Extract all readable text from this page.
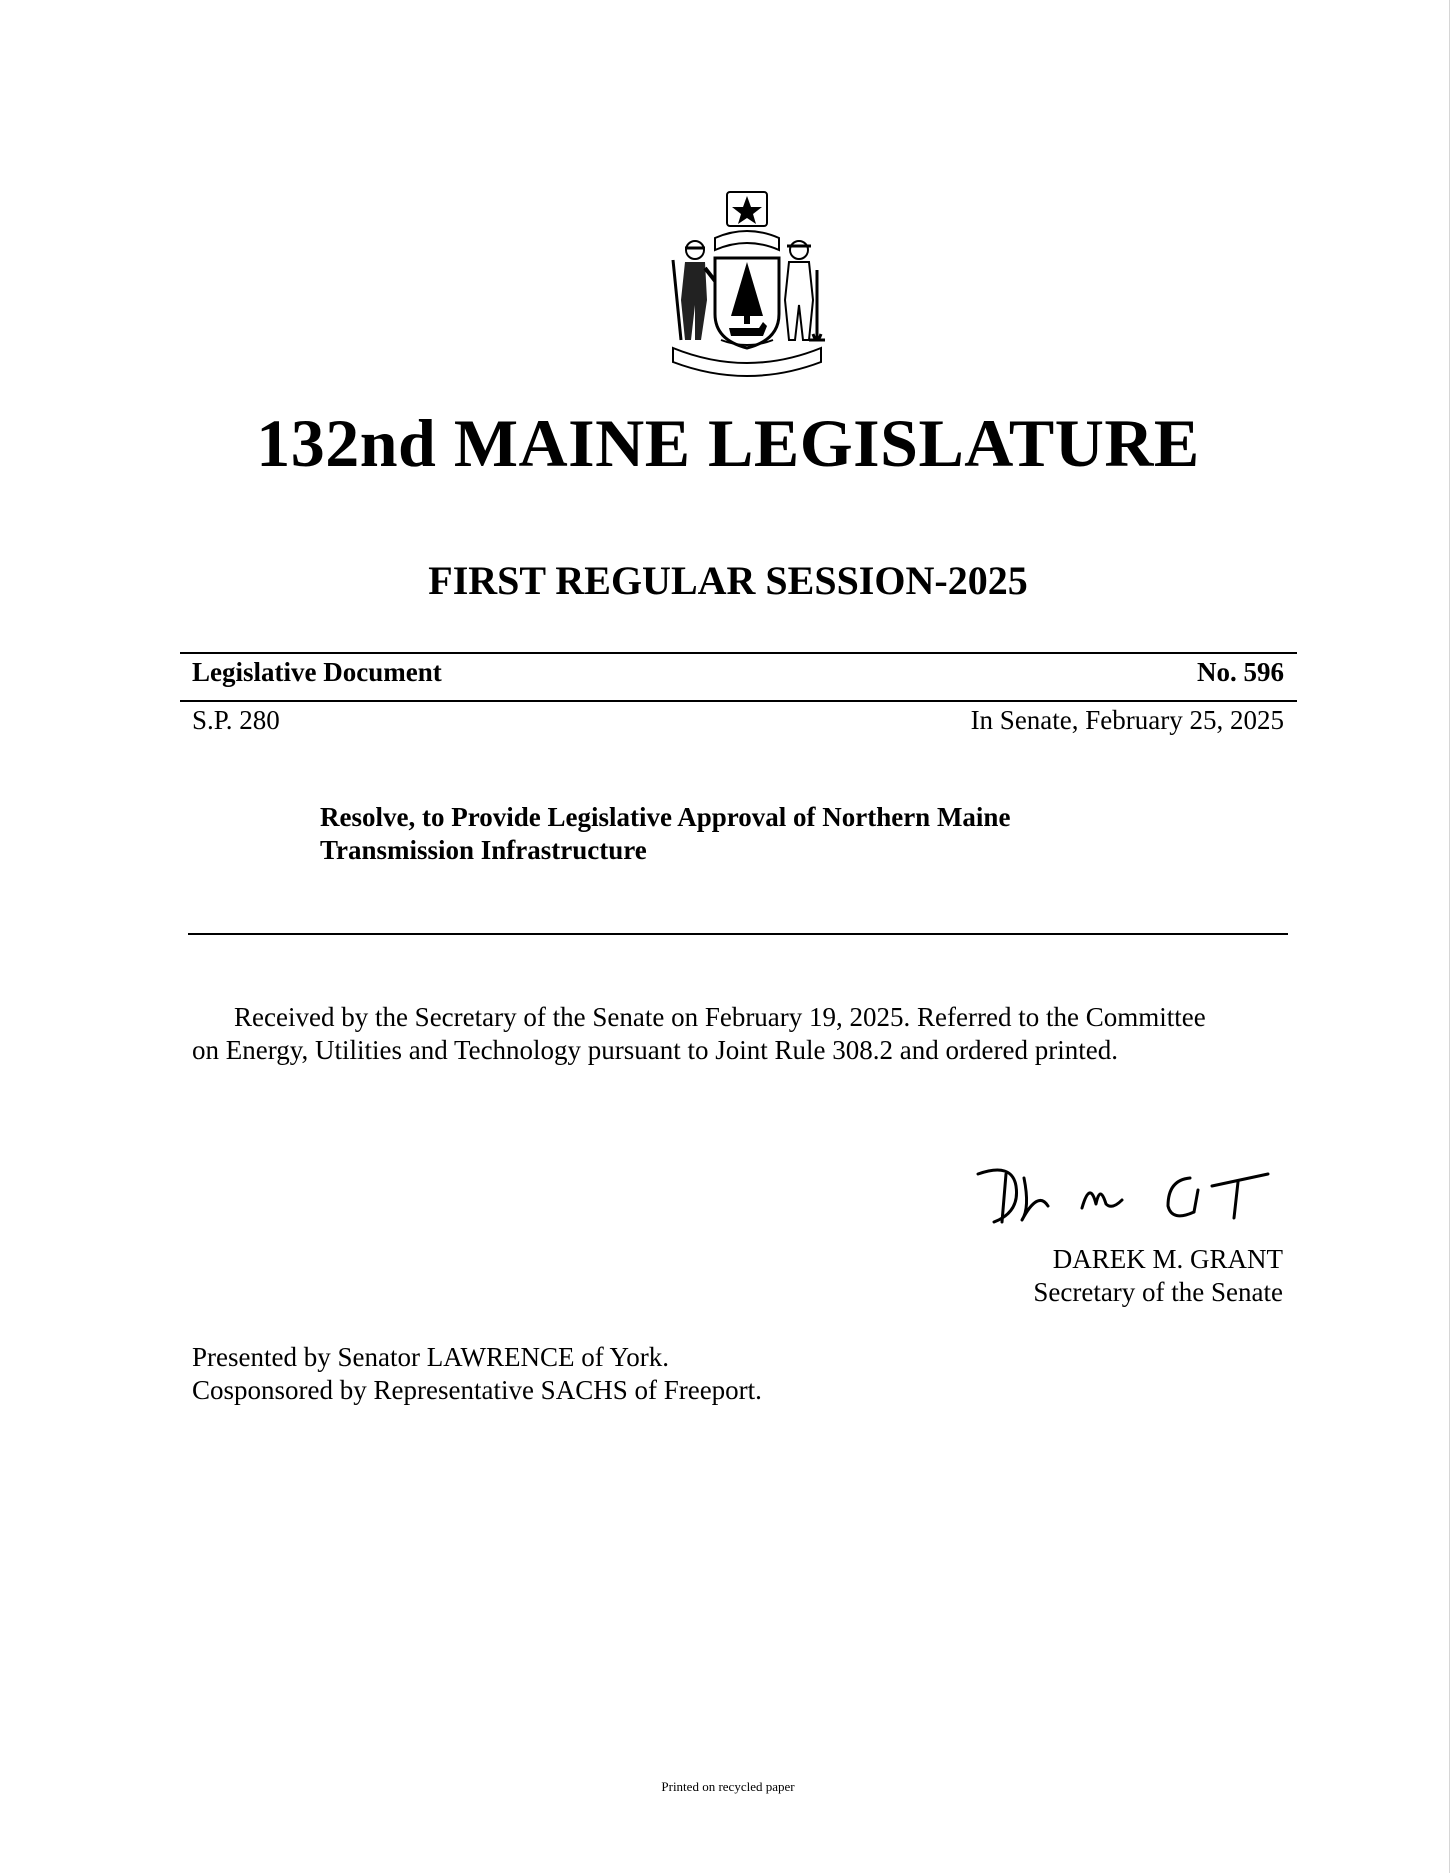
132nd MAINE LEGISLATURE
FIRST REGULAR SESSION-2025
Legislative Document	No. 596
S.P. 280	In Senate, February 25, 2025
Resolve, to Provide Legislative Approval of Northern Maine
Transmission Infrastructure
Received by the Secretary of the Senate on February 19, 2025. Referred to the Committee
on Energy, Utilities and Technology pursuant to Joint Rule 308.2 and ordered printed.
DAREK M. GRANT
Secretary of the Senate
Presented by Senator LAWRENCE of York.
Cosponsored by Representative SACHS of Freeport.
Printed on recycled paper
